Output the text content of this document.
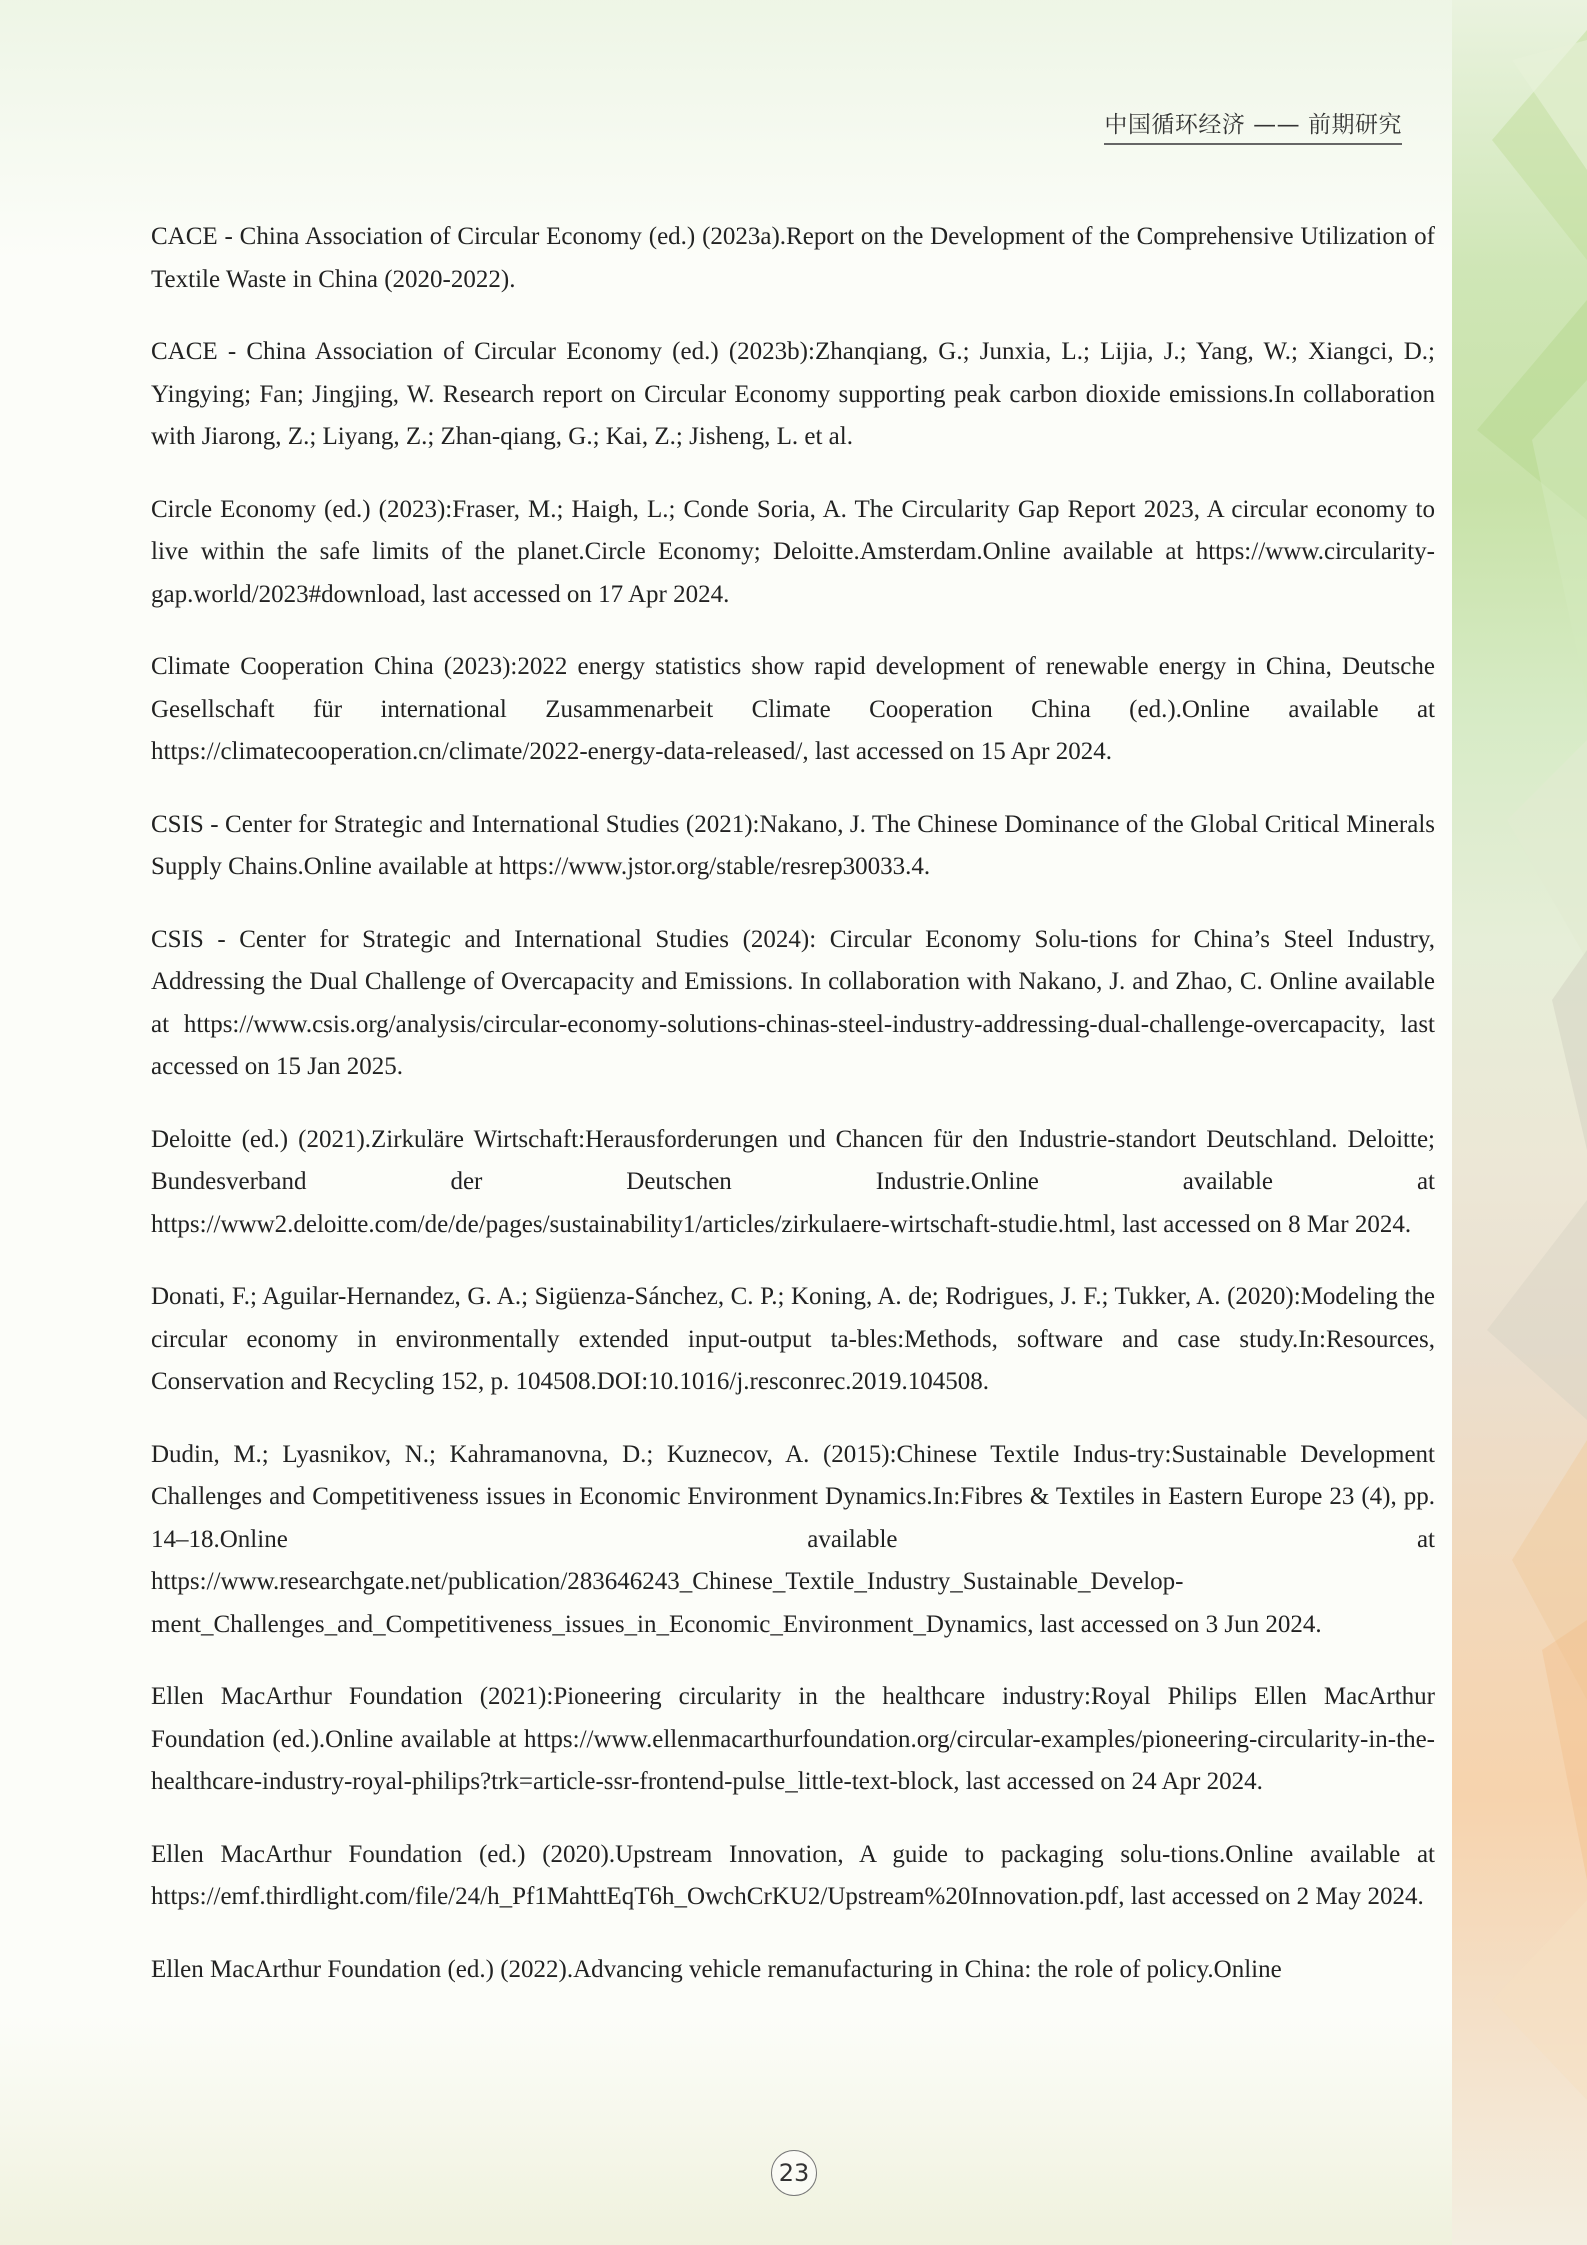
中国循环经济 —— 前期研究

CACE - China Association of Circular Economy (ed.) (2023a).Report on the Development of the Comprehensive Utilization of Textile Waste in China (2020-2022).

CACE - China Association of Circular Economy (ed.) (2023b):Zhanqiang, G.; Junxia, L.; Lijia, J.; Yang, W.; Xiangci, D.; Yingying; Fan; Jingjing, W. Research report on Circular Economy supporting peak carbon dioxide emissions.In collaboration with Jiarong, Z.; Liyang, Z.; Zhan-qiang, G.; Kai, Z.; Jisheng, L. et al.

Circle Economy (ed.) (2023):Fraser, M.; Haigh, L.; Conde Soria, A. The Circularity Gap Report 2023, A circular economy to live within the safe limits of the planet.Circle Economy; Deloitte.Amsterdam.Online available at https://www.circularity-gap.world/2023#download, last accessed on 17 Apr 2024.

Climate Cooperation China (2023):2022 energy statistics show rapid development of renewable energy in China, Deutsche Gesellschaft für international Zusammenarbeit Climate Cooperation China (ed.).Online available at https://climatecooperation.cn/climate/2022-energy-data-released/, last accessed on 15 Apr 2024.

CSIS - Center for Strategic and International Studies (2021):Nakano, J. The Chinese Dominance of the Global Critical Minerals Supply Chains.Online available at https://www.jstor.org/stable/resrep30033.4.

CSIS - Center for Strategic and International Studies (2024): Circular Economy Solu-tions for China’s Steel Industry, Addressing the Dual Challenge of Overcapacity and Emissions. In collaboration with Nakano, J. and Zhao, C. Online available at https://www.csis.org/analysis/circular-economy-solutions-chinas-steel-industry-addressing-dual-challenge-overcapacity, last accessed on 15 Jan 2025.

Deloitte (ed.) (2021).Zirkuläre Wirtschaft:Herausforderungen und Chancen für den Industrie-standort Deutschland. Deloitte; Bundesverband der Deutschen Industrie.Online available at https://www2.deloitte.com/de/de/pages/sustainability1/articles/zirkulaere-wirtschaft-studie.html, last accessed on 8 Mar 2024.

Donati, F.; Aguilar-Hernandez, G. A.; Sigüenza-Sánchez, C. P.; Koning, A. de; Rodrigues, J. F.; Tukker, A. (2020):Modeling the circular economy in environmentally extended input-output ta-bles:Methods, software and case study.In:Resources, Conservation and Recycling 152, p. 104508.DOI:10.1016/j.resconrec.2019.104508.

Dudin, M.; Lyasnikov, N.; Kahramanovna, D.; Kuznecov, A. (2015):Chinese Textile Indus-try:Sustainable Development Challenges and Competitiveness issues in Economic Environment Dynamics.In:Fibres & Textiles in Eastern Europe 23 (4), pp. 14–18.Online available at https://www.researchgate.net/publication/283646243_Chinese_Textile_Industry_Sustainable_Develop-ment_Challenges_and_Competitiveness_issues_in_Economic_Environment_Dynamics, last accessed on 3 Jun 2024.

Ellen MacArthur Foundation (2021):Pioneering circularity in the healthcare industry:Royal Philips Ellen MacArthur Foundation (ed.).Online available at https://www.ellenmacarthurfoundation.org/circular-examples/pioneering-circularity-in-the-healthcare-industry-royal-philips?trk=article-ssr-frontend-pulse_little-text-block, last accessed on 24 Apr 2024.

Ellen MacArthur Foundation (ed.) (2020).Upstream Innovation, A guide to packaging solu-tions.Online available at https://emf.thirdlight.com/file/24/h_Pf1MahttEqT6h_OwchCrKU2/Upstream%20Innovation.pdf, last accessed on 2 May 2024.

Ellen MacArthur Foundation (ed.) (2022).Advancing vehicle remanufacturing in China: the role of policy.Online

23
